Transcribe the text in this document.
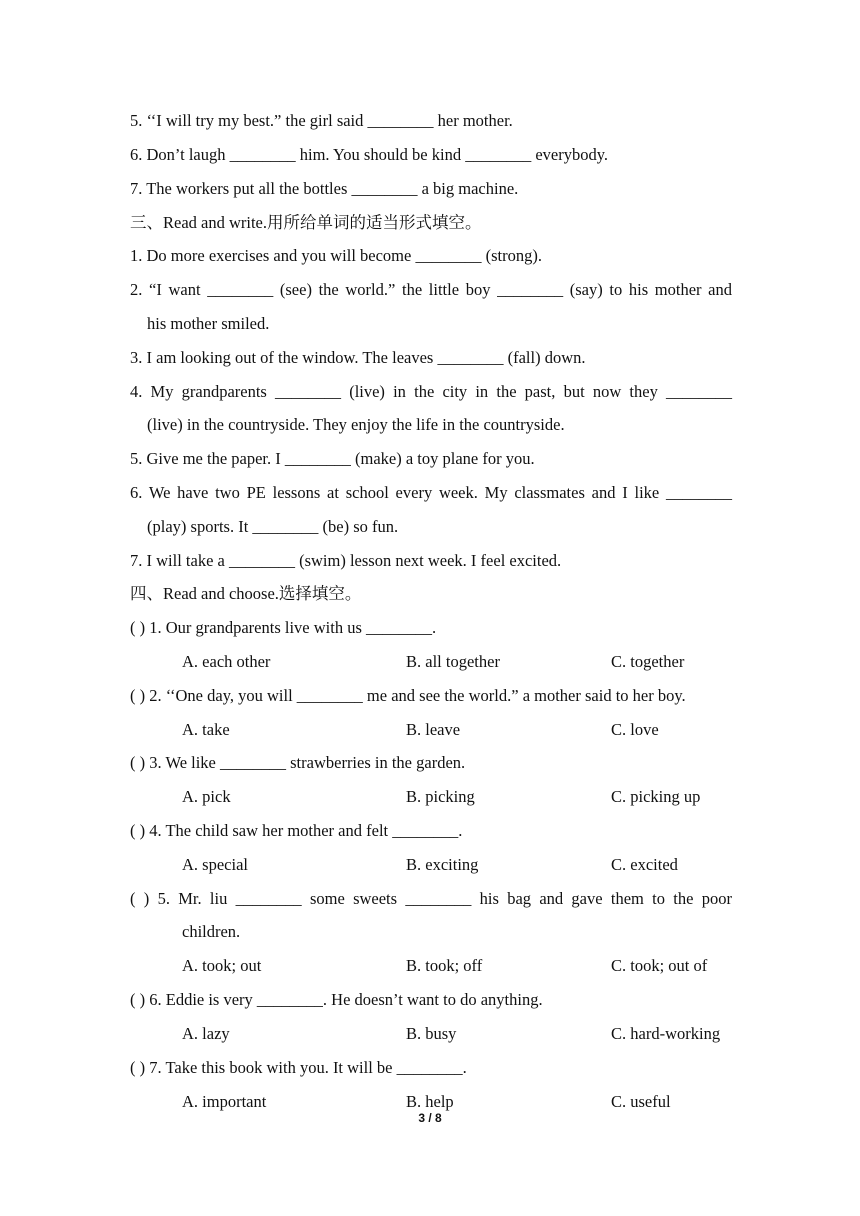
5. ‘‘I will try my best.” the girl said ________ her mother.
6. Don’t laugh ________ him. You should be kind ________ everybody.
7. The workers put all the bottles ________ a big machine.
三、Read and write.用所给单词的适当形式填空。
1. Do more exercises and you will become ________ (strong).
2. “I want ________ (see) the world.” the little boy ________ (say) to his mother and
his mother smiled.
3. I am looking out of the window. The leaves ________ (fall) down.
4. My grandparents ________ (live) in the city in the past, but now they ________
(live) in the countryside. They enjoy the life in the countryside.
5. Give me the paper. I ________ (make) a toy plane for you.
6. We have two PE lessons at school every week. My classmates and I like ________
(play) sports. It ________ (be) so fun.
7. I will take a ________ (swim) lesson next week. I feel excited.
四、Read and choose.选择填空。
( ) 1. Our grandparents live with us ________.
A. each other	B. all together	C. together
( ) 2. ‘‘One day, you will ________ me and see the world.” a mother said to her boy.
A. take	B. leave	C. love
( ) 3. We like ________ strawberries in the garden.
A. pick	B. picking	C. picking up
( ) 4. The child saw her mother and felt ________.
A. special	B. exciting	C. excited
( ) 5. Mr. liu ________ some sweets ________ his bag and gave them to the poor
children.
A. took; out	B. took; off	C. took; out of
( ) 6. Eddie is very ________. He doesn’t want to do anything.
A. lazy	B. busy	C. hard-working
( ) 7. Take this book with you. It will be ________.
A. important	B. help	C. useful
3 / 8
